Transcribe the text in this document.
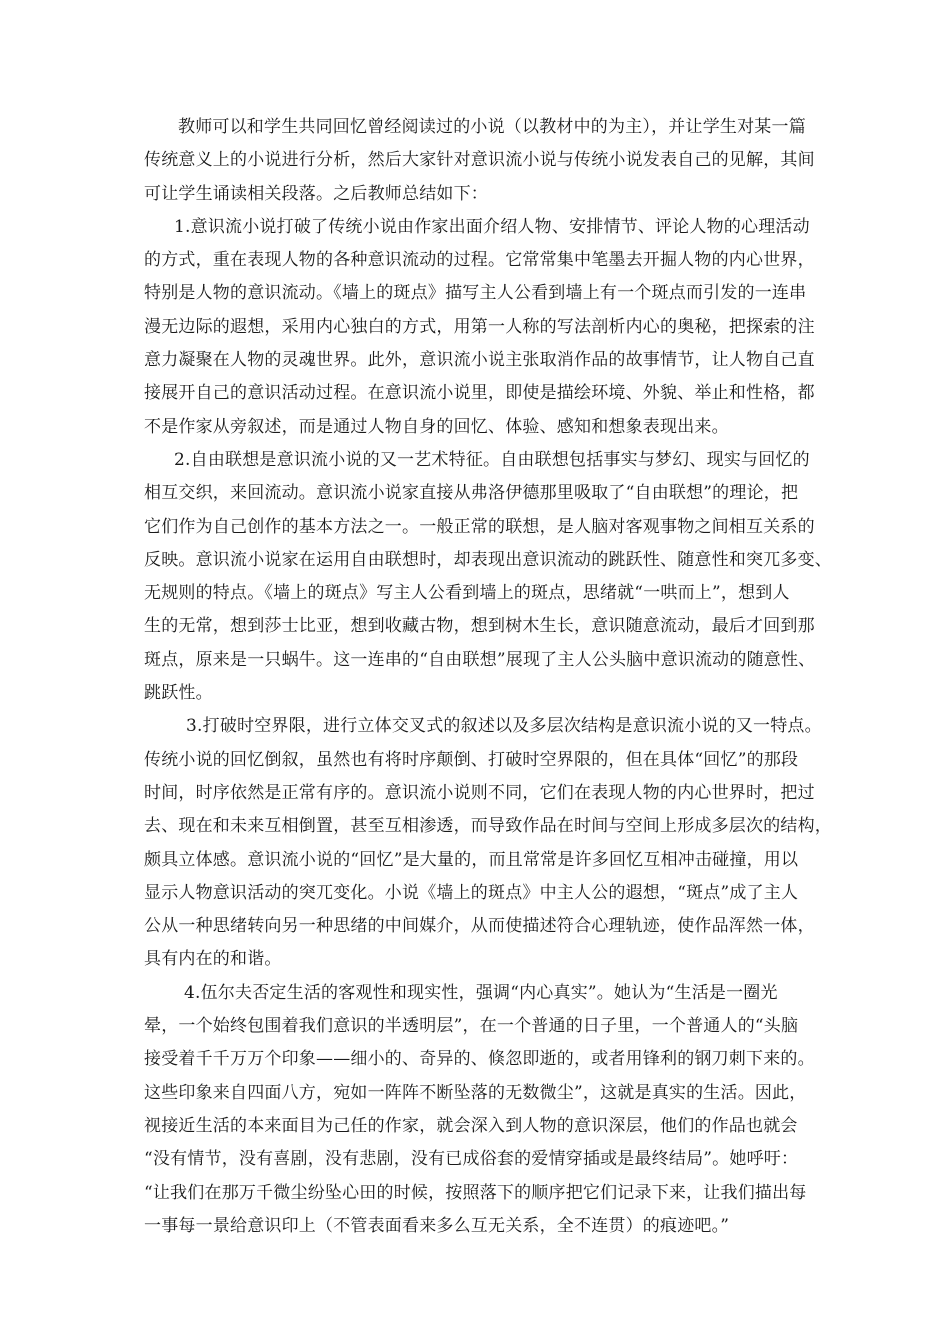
教师可以和学生共同回忆曾经阅读过的小说（以教材中的为主），并让学生对某一篇
传统意义上的小说进行分析，然后大家针对意识流小说与传统小说发表自己的见解，其间
可让学生诵读相关段落。之后教师总结如下：
1.意识流小说打破了传统小说由作家出面介绍人物、安排情节、评论人物的心理活动
的方式，重在表现人物的各种意识流动的过程。它常常集中笔墨去开掘人物的内心世界，
特别是人物的意识流动。《墙上的斑点》描写主人公看到墙上有一个斑点而引发的一连串
漫无边际的遐想，采用内心独白的方式，用第一人称的写法剖析内心的奥秘，把探索的注
意力凝聚在人物的灵魂世界。此外，意识流小说主张取消作品的故事情节，让人物自己直
接展开自己的意识活动过程。在意识流小说里，即使是描绘环境、外貌、举止和性格，都
不是作家从旁叙述，而是通过人物自身的回忆、体验、感知和想象表现出来。
2.自由联想是意识流小说的又一艺术特征。自由联想包括事实与梦幻、现实与回忆的
相互交织，来回流动。意识流小说家直接从弗洛伊德那里吸取了“自由联想”的理论，把
它们作为自己创作的基本方法之一。一般正常的联想，是人脑对客观事物之间相互关系的
反映。意识流小说家在运用自由联想时，却表现出意识流动的跳跃性、随意性和突兀多变、
无规则的特点。《墙上的斑点》写主人公看到墙上的斑点，思绪就“一哄而上”，想到人
生的无常，想到莎士比亚，想到收藏古物，想到树木生长，意识随意流动，最后才回到那
斑点，原来是一只蜗牛。这一连串的“自由联想”展现了主人公头脑中意识流动的随意性、
跳跃性。
3.打破时空界限，进行立体交叉式的叙述以及多层次结构是意识流小说的又一特点。
传统小说的回忆倒叙，虽然也有将时序颠倒、打破时空界限的，但在具体“回忆”的那段
时间，时序依然是正常有序的。意识流小说则不同，它们在表现人物的内心世界时，把过
去、现在和未来互相倒置，甚至互相渗透，而导致作品在时间与空间上形成多层次的结构，
颇具立体感。意识流小说的“回忆”是大量的，而且常常是许多回忆互相冲击碰撞，用以
显示人物意识活动的突兀变化。小说《墙上的斑点》中主人公的遐想，“斑点”成了主人
公从一种思绪转向另一种思绪的中间媒介，从而使描述符合心理轨迹，使作品浑然一体，
具有内在的和谐。
4.伍尔夫否定生活的客观性和现实性，强调“内心真实”。她认为“生活是一圈光
晕，一个始终包围着我们意识的半透明层”，在一个普通的日子里，一个普通人的“头脑
接受着千千万万个印象——细小的、奇异的、倏忽即逝的，或者用锋利的钢刀刺下来的。
这些印象来自四面八方，宛如一阵阵不断坠落的无数微尘”，这就是真实的生活。因此，
视接近生活的本来面目为己任的作家，就会深入到人物的意识深层，他们的作品也就会
“没有情节，没有喜剧，没有悲剧，没有已成俗套的爱情穿插或是最终结局”。她呼吁：
“让我们在那万千微尘纷坠心田的时候，按照落下的顺序把它们记录下来，让我们描出每
一事每一景给意识印上（不管表面看来多么互无关系，全不连贯）的痕迹吧。”
